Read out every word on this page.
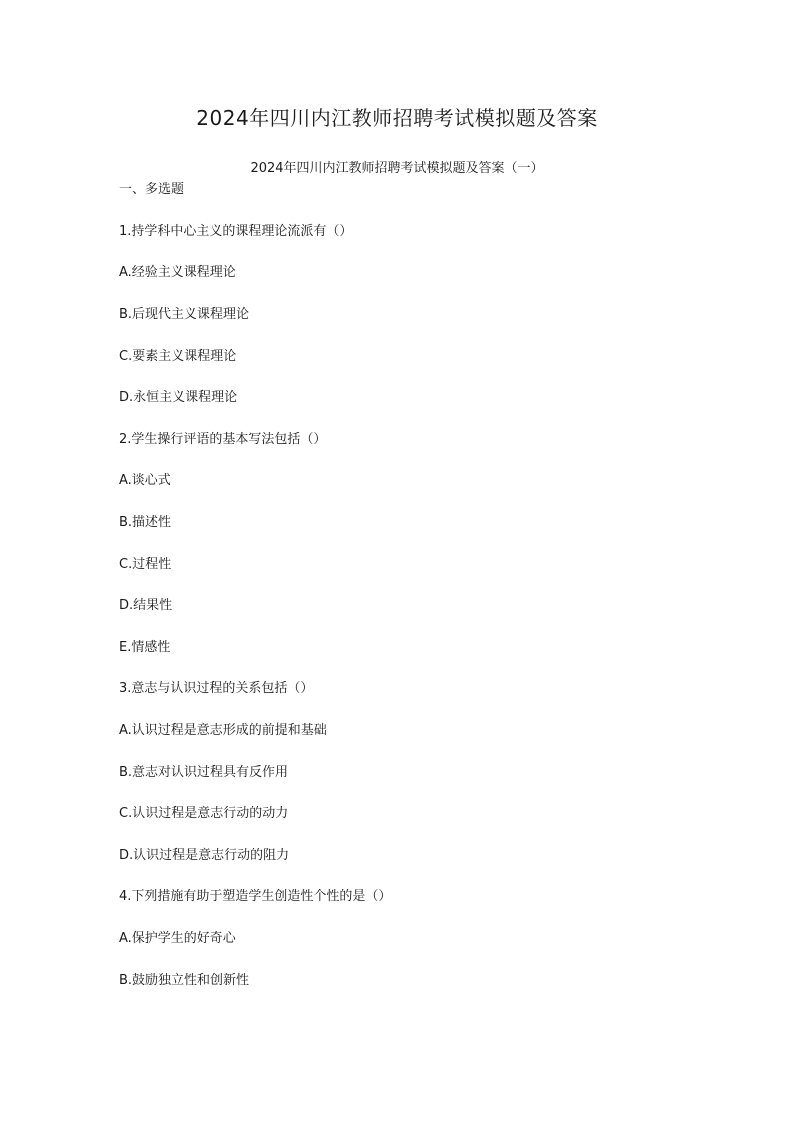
2024年四川内江教师招聘考试模拟题及答案
2024年四川内江教师招聘考试模拟题及答案（一）
一、多选题
1.持学科中心主义的课程理论流派有（）
A.经验主义课程理论
B.后现代主义课程理论
C.要素主义课程理论
D.永恒主义课程理论
2.学生操行评语的基本写法包括（）
A.谈心式
B.描述性
C.过程性
D.结果性
E.情感性
3.意志与认识过程的关系包括（）
A.认识过程是意志形成的前提和基础
B.意志对认识过程具有反作用
C.认识过程是意志行动的动力
D.认识过程是意志行动的阻力
4.下列措施有助于塑造学生创造性个性的是（）
A.保护学生的好奇心
B.鼓励独立性和创新性
